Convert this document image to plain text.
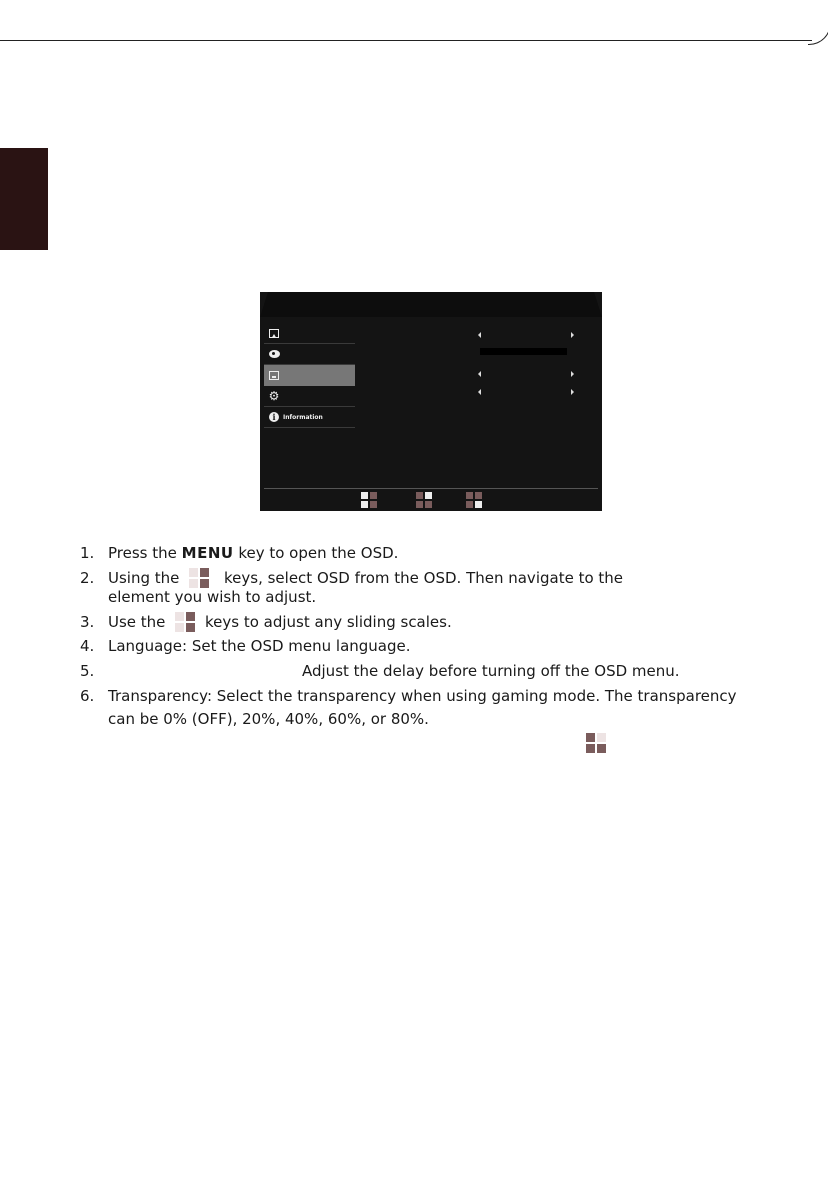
⚙
i	Information
1. Press the MENU key to open the OSD.
2. Using the	keys, select OSD from the OSD. Then navigate to the
element you wish to adjust.
3. Use the	keys to adjust any sliding scales.
4. Language: Set the OSD menu language.
5.	Adjust the delay before turning off the OSD menu.
6. Transparency: Select the transparency when using gaming mode. The transparency
can be 0% (OFF), 20%, 40%, 60%, or 80%.
